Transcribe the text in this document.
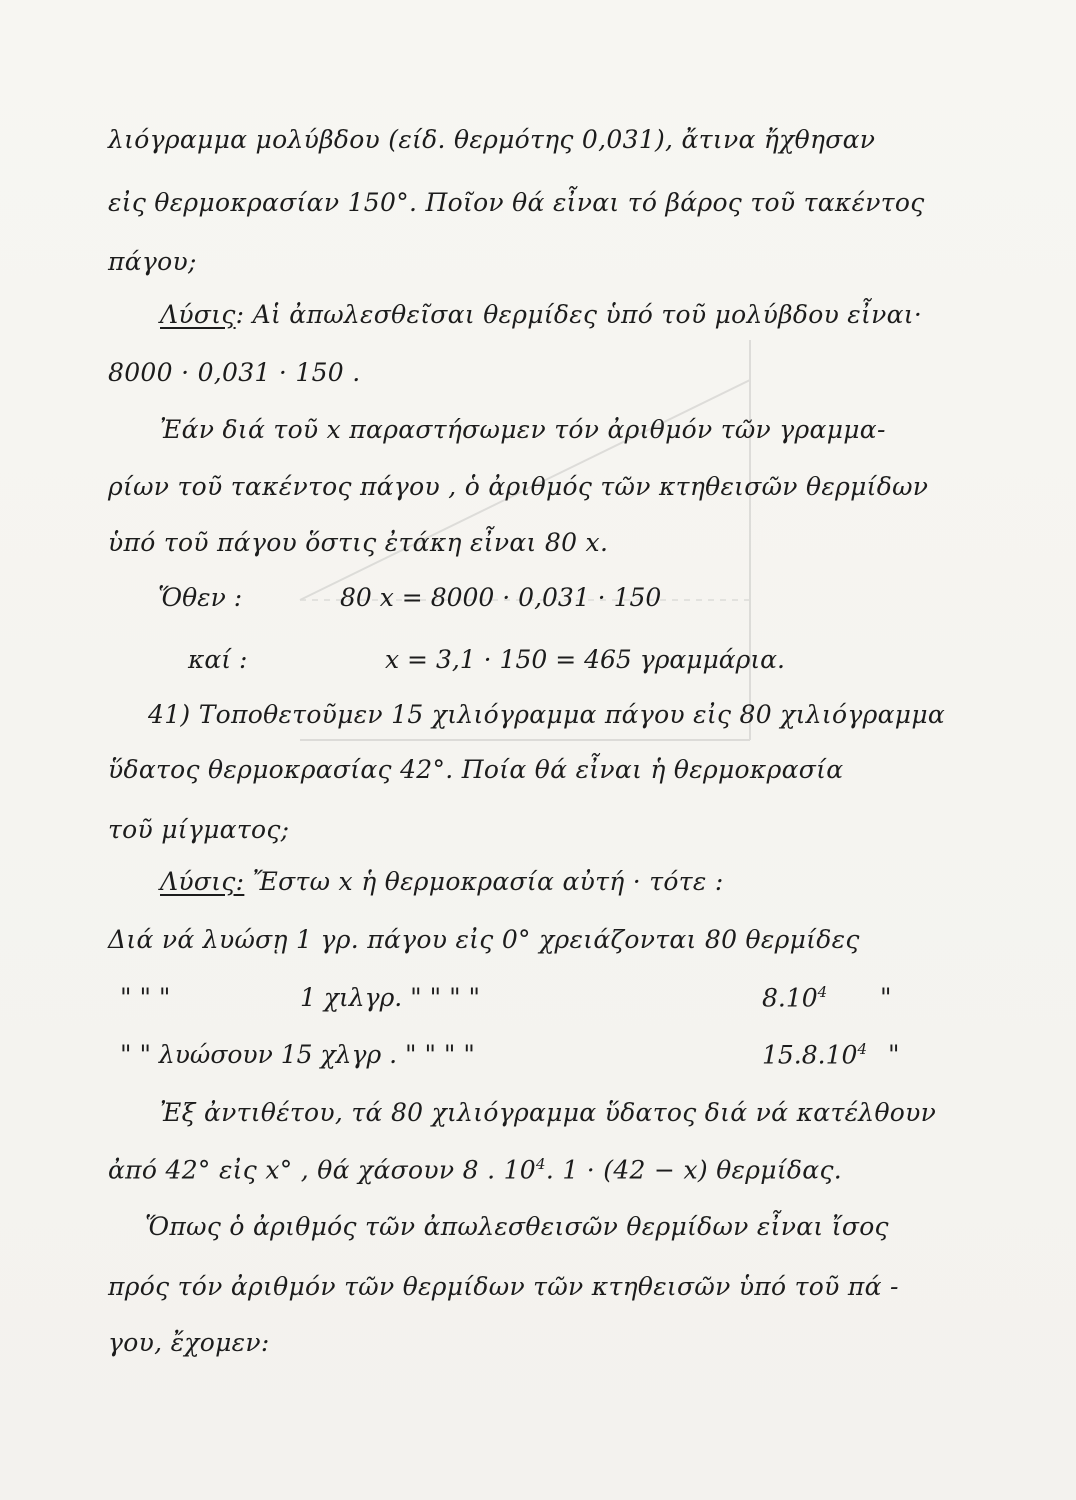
λιόγραμμα μολύβδου (είδ. θερμότης 0,031), ἄτινα ἤχθησαν
εἰς θερμοκρασίαν 150°. Ποῖον θά εἶναι τό βάρος τοῦ τακέντος
πάγου;
Λύσις: Αἱ ἀπωλεσθεῖσαι θερμίδες ὑπό τοῦ μολύβδου εἶναι·
8000 · 0,031 · 150 .
Ἐάν διά τοῦ x παραστήσωμεν τόν ἀριθμόν τῶν γραμμα-
ρίων τοῦ τακέντος πάγου , ὁ ἀριθμός τῶν κτηθεισῶν θερμίδων
ὑπό τοῦ πάγου ὅστις ἐτάκη εἶναι 80 x.
Ὅθεν :	80 x = 8000 · 0,031 · 150
καί :	x = 3,1 · 150 = 465 γραμμάρια.
41) Τοποθετοῦμεν 15 χιλιόγραμμα πάγου εἰς 80 χιλιόγραμμα
ὕδατος θερμοκρασίας 42°. Ποία θά εἶναι ἡ θερμοκρασία
τοῦ μίγματος;
Λύσις: Ἔστω x ἡ θερμοκρασία αὐτή · τότε :
Διά νά λυώσῃ 1 γρ. πάγου εἰς 0° χρειάζονται 80 θερμίδες
" " "	1 χιλγρ. " " " "	8.10$^4$ "
" " λυώσουν 15 χλγρ . " " " "	15.8.10$^4$ "
Ἐξ ἀντιθέτου, τά 80 χιλιόγραμμα ὕδατος διά νά κατέλθουν
ἀπό 42° εἰς x° , θά χάσουν 8 . $10^4$. 1 · (42 − x) θερμίδας.
Ὅπως ὁ ἀριθμός τῶν ἀπωλεσθεισῶν θερμίδων εἶναι ἴσος
πρός τόν ἀριθμόν τῶν θερμίδων τῶν κτηθεισῶν ὑπό τοῦ πά -
γου, ἔχομεν:
